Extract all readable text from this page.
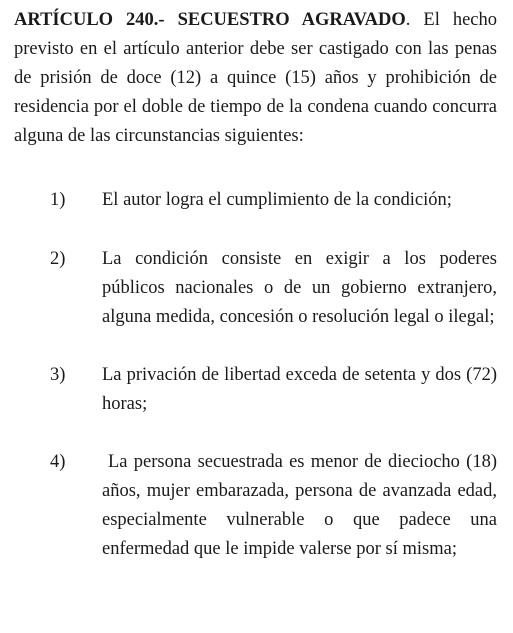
ARTÍCULO 240.- SECUESTRO AGRAVADO. El hecho previsto en el artículo anterior debe ser castigado con las penas de prisión de doce (12) a quince (15) años y prohibición de residencia por el doble de tiempo de la condena cuando concurra alguna de las circunstancias siguientes:

1)	El autor logra el cumplimiento de la condición;
2)	La condición consiste en exigir a los poderes públicos nacionales o de un gobierno extranjero, alguna medida, concesión o resolución legal o ilegal;
3)	La privación de libertad exceda de setenta y dos (72) horas;
4)	La persona secuestrada es menor de dieciocho (18) años, mujer embarazada, persona de avanzada edad, especialmente vulnerable o que padece una enfermedad que le impide valerse por sí misma;
